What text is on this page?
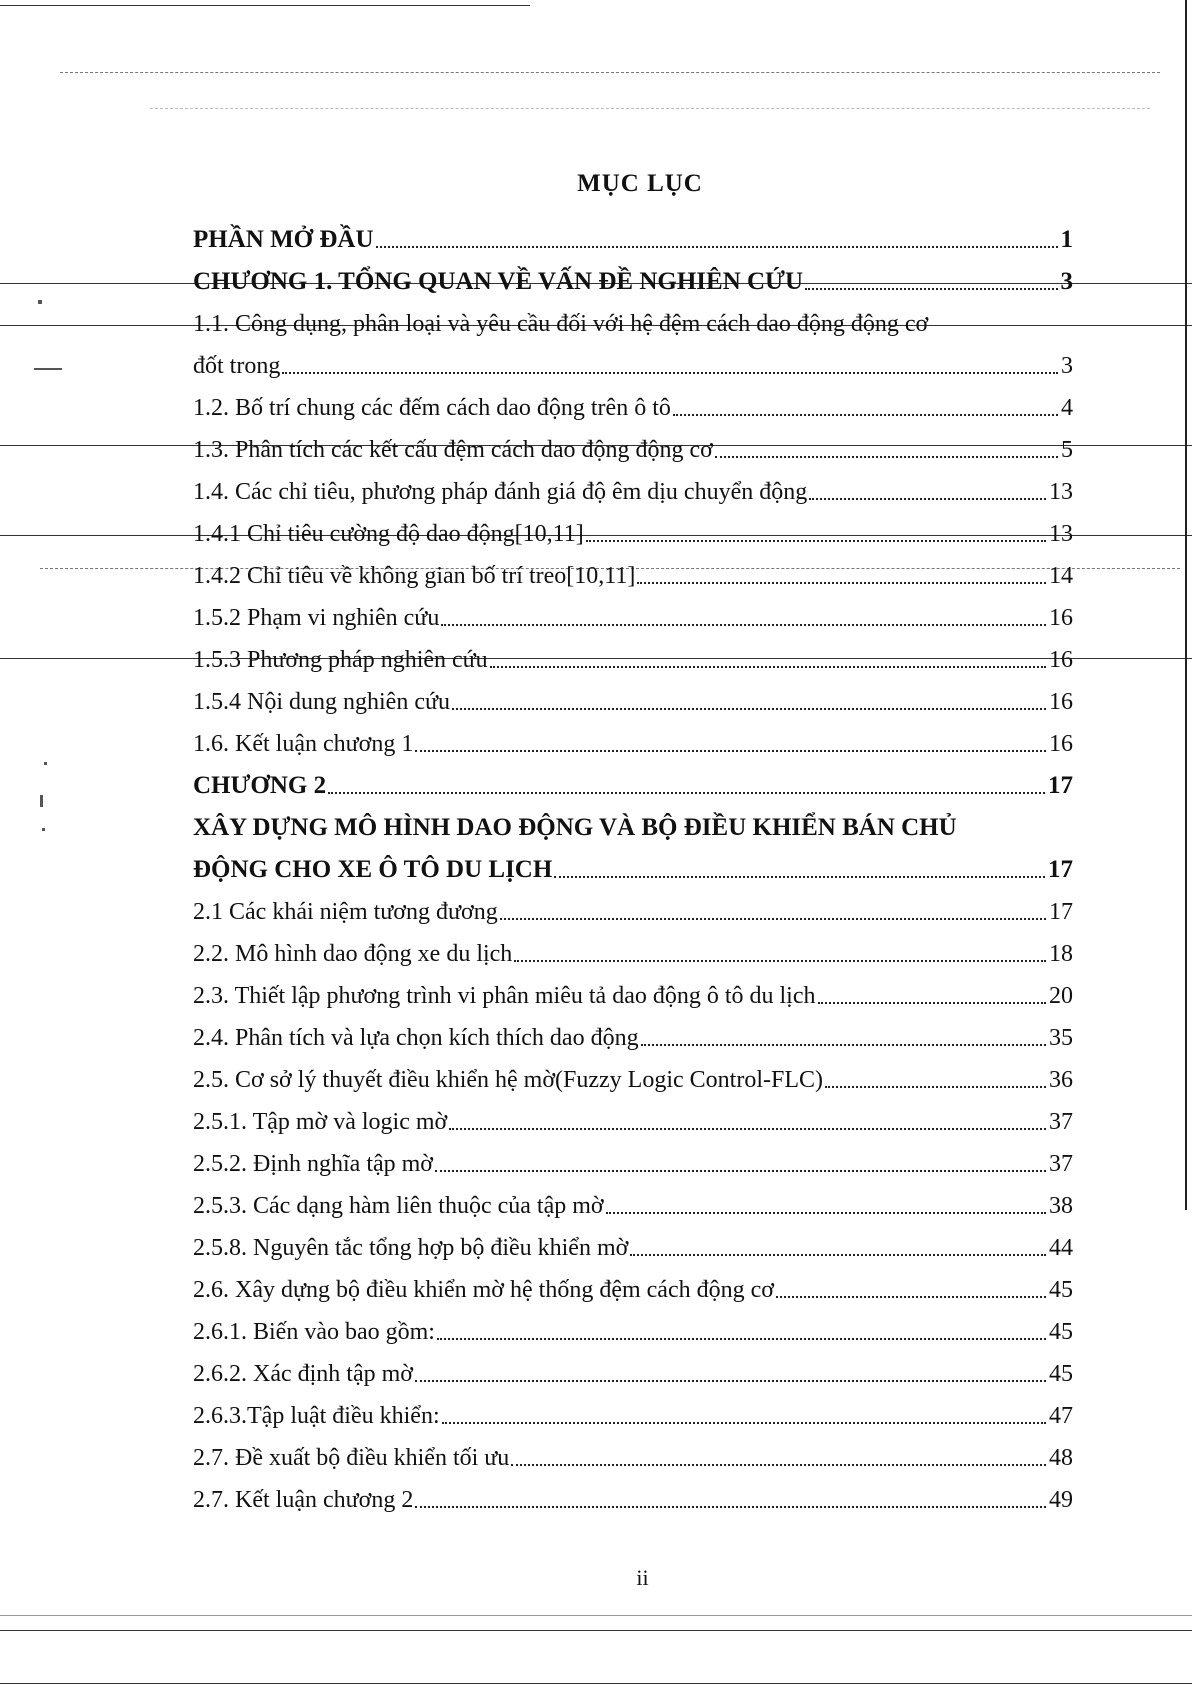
MỤC LỤC
PHẦN MỞ ĐẦU	1
CHƯƠNG 1. TỔNG QUAN VỀ VẤN ĐỀ NGHIÊN CỨU	3
1.1. Công dụng, phân loại và yêu cầu đối với hệ đệm cách dao động động cơ
đốt trong	3
1.2. Bố trí chung các đếm cách dao động trên ô tô	4
1.3. Phân tích các kết cấu đệm cách dao động động cơ	5
1.4. Các chỉ tiêu, phương pháp đánh giá độ êm dịu chuyển động	13
1.4.1 Chỉ tiêu cường độ dao động[10,11]	13
1.4.2 Chỉ tiêu về không gian bố trí treo[10,11]	14
1.5.2 Phạm vi nghiên cứu	16
1.5.3 Phương pháp nghiên cứu	16
1.5.4 Nội dung nghiên cứu	16
1.6. Kết luận chương 1	16
CHƯƠNG 2	17
XÂY DỰNG MÔ HÌNH DAO ĐỘNG VÀ BỘ ĐIỀU KHIỂN BÁN CHỦ
ĐỘNG CHO XE Ô TÔ DU LỊCH	17
2.1 Các khái niệm tương đương	17
2.2. Mô hình dao động xe du lịch	18
2.3. Thiết lập phương trình vi phân miêu tả dao động ô tô du lịch	20
2.4. Phân tích và lựa chọn kích thích dao động	35
2.5. Cơ sở lý thuyết điều khiển hệ mờ(Fuzzy Logic Control-FLC)	36
2.5.1. Tập mờ và logic mờ	37
2.5.2. Định nghĩa tập mờ	37
2.5.3. Các dạng hàm liên thuộc của tập mờ	38
2.5.8. Nguyên tắc tổng hợp bộ điều khiển mờ	44
2.6. Xây dựng bộ điều khiển mờ hệ thống đệm cách động cơ	45
2.6.1. Biến vào bao gồm:	45
2.6.2. Xác định tập mờ	45
2.6.3.Tập luật điều khiển:	47
2.7. Đề xuất bộ điều khiển tối ưu	48
2.7. Kết luận chương 2	49
ii
